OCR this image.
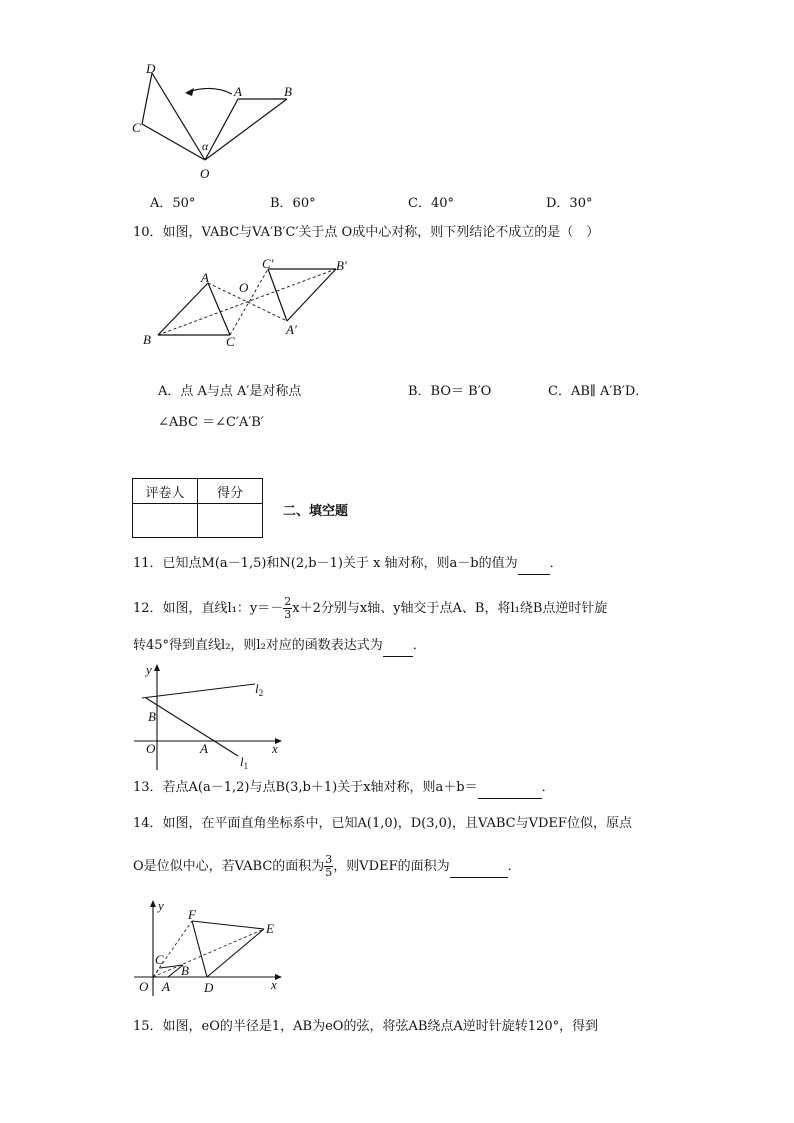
D
C
A	B
O
α
A．50°	B．60°	C．40°	D．30°
10．如图，VABC与VA′B′C′关于点 O成中心对称，则下列结论不成立的是（　）
A
B	C
O
C′	B′
A′
A．点 A与点 A′是对称点	B．BO＝ B′O	C．AB∥ A′B′D．
∠ABC ＝∠C′A′B′
评卷人	得分

二、填空题
11．已知点M(a－1,5)和N(2,b－1)关于 x 轴对称，则a－b的值为 ．
12．如图，直线l₁：$y=- \frac{2}{3} x+2$分别与x轴、y轴交于点A、B，将l₁绕B点逆时针旋
转45°得到直线l₂，则l₂对应的函数表达式为 ．
y
x
O	A
B
$l_2$
$l_1$
13．若点A(a－1,2)与点B(3,b＋1)关于x轴对称，则a＋b＝	．
14．如图，在平面直角坐标系中，已知A(1,0)，D(3,0)，且VABC与VDEF位似，原点
O是位似中心，若VABC的面积为 $\frac{3}{5}$ ，则VDEF的面积为	．
y
x
O A
B
C
D
E
F
15．如图，eO的半径是1，AB为eO的弦，将弦AB绕点A逆时针旋转120°，得到
